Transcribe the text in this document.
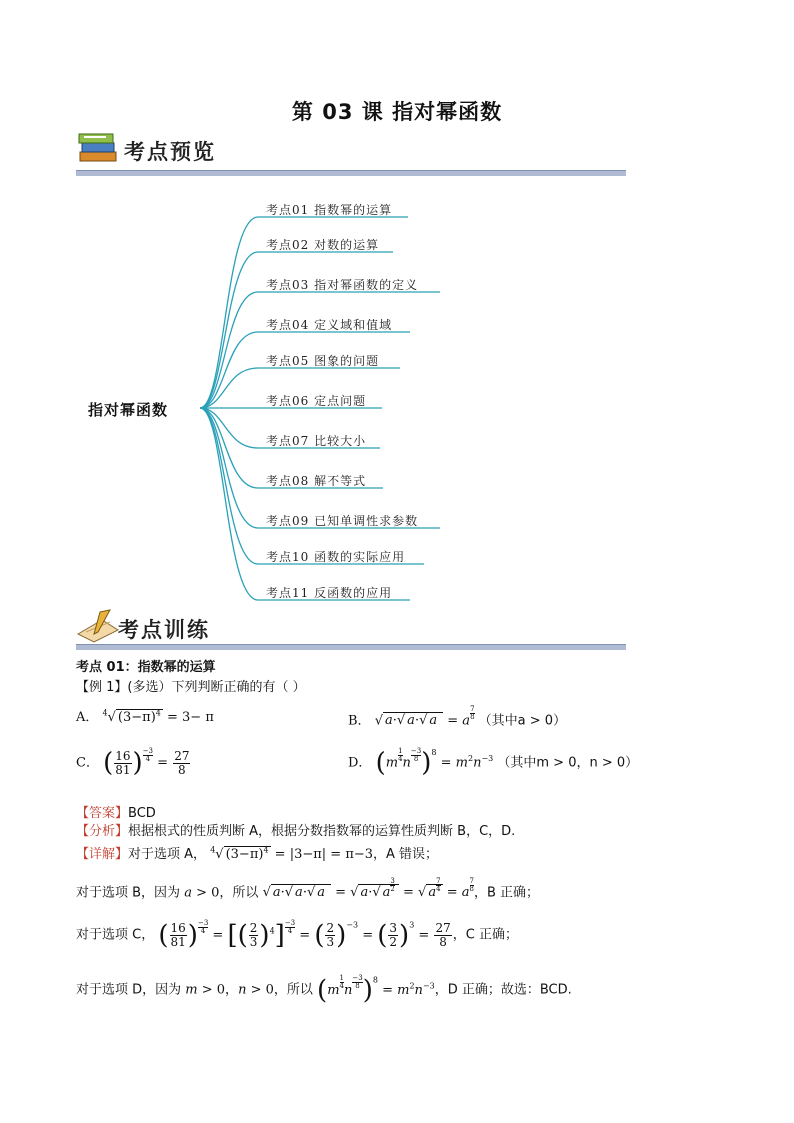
第 03 课 指对幂函数
考点预览
指对幂函数
考点01 指数幂的运算
考点02 对数的运算
考点03 指对幂函数的定义
考点04 定义域和值域
考点05 图象的问题
考点06 定点问题
考点07 比较大小
考点08 解不等式
考点09 已知单调性求参数
考点10 函数的实际应用
考点11 反函数的应用
考点训练
考点 01：指数幂的运算
【例 1】(多选）下列判断正确的有（ ）
A． $^4$√ $(3-\pi)^4 = 3- \pi$	B． √ a·√ a·√ a = a $\frac{7}{8}$ （其中a > 0）
C． ( $\frac{16}{81}$ ) $\frac{-3}{4} = \frac{27}{8}$	D． ($m \frac{1}{4}$ n $\frac{-3}{8} )^8 = m^2n^{-3}$ （其中m > 0，n > 0）
【答案】BCD
【分析】根据根式的性质判断 A，根据分数指数幂的运算性质判断 B，C，D.
【详解】对于选项 A， $^4$√ $(3-\pi)^4 = |3-\pi| = \pi-3$，A 错误；
对于选项 B，因为 a > 0，所以 √ a·√ a·√ a = √ a·√ a $\frac{3}{2}$ = √ a $\frac{7}{4} = a \frac{7}{8}$ ，B 正确；
对于选项 C， ( $\frac{16}{81}$ ) $\frac{-3}{4}$ = [( $\frac{2}{3} )^4] \frac{-3}{4}$ = ( $\frac{2}{3} )^{-3}$ = ( $\frac{3}{2} )^3 = \frac{27}{8}$ ，C 正确；
对于选项 D，因为 m > 0，n > 0，所以 ($m \frac{1}{4}$ n $\frac{-3}{8} )^8 = m^2n^{-3}$，D 正确；故选：BCD.
